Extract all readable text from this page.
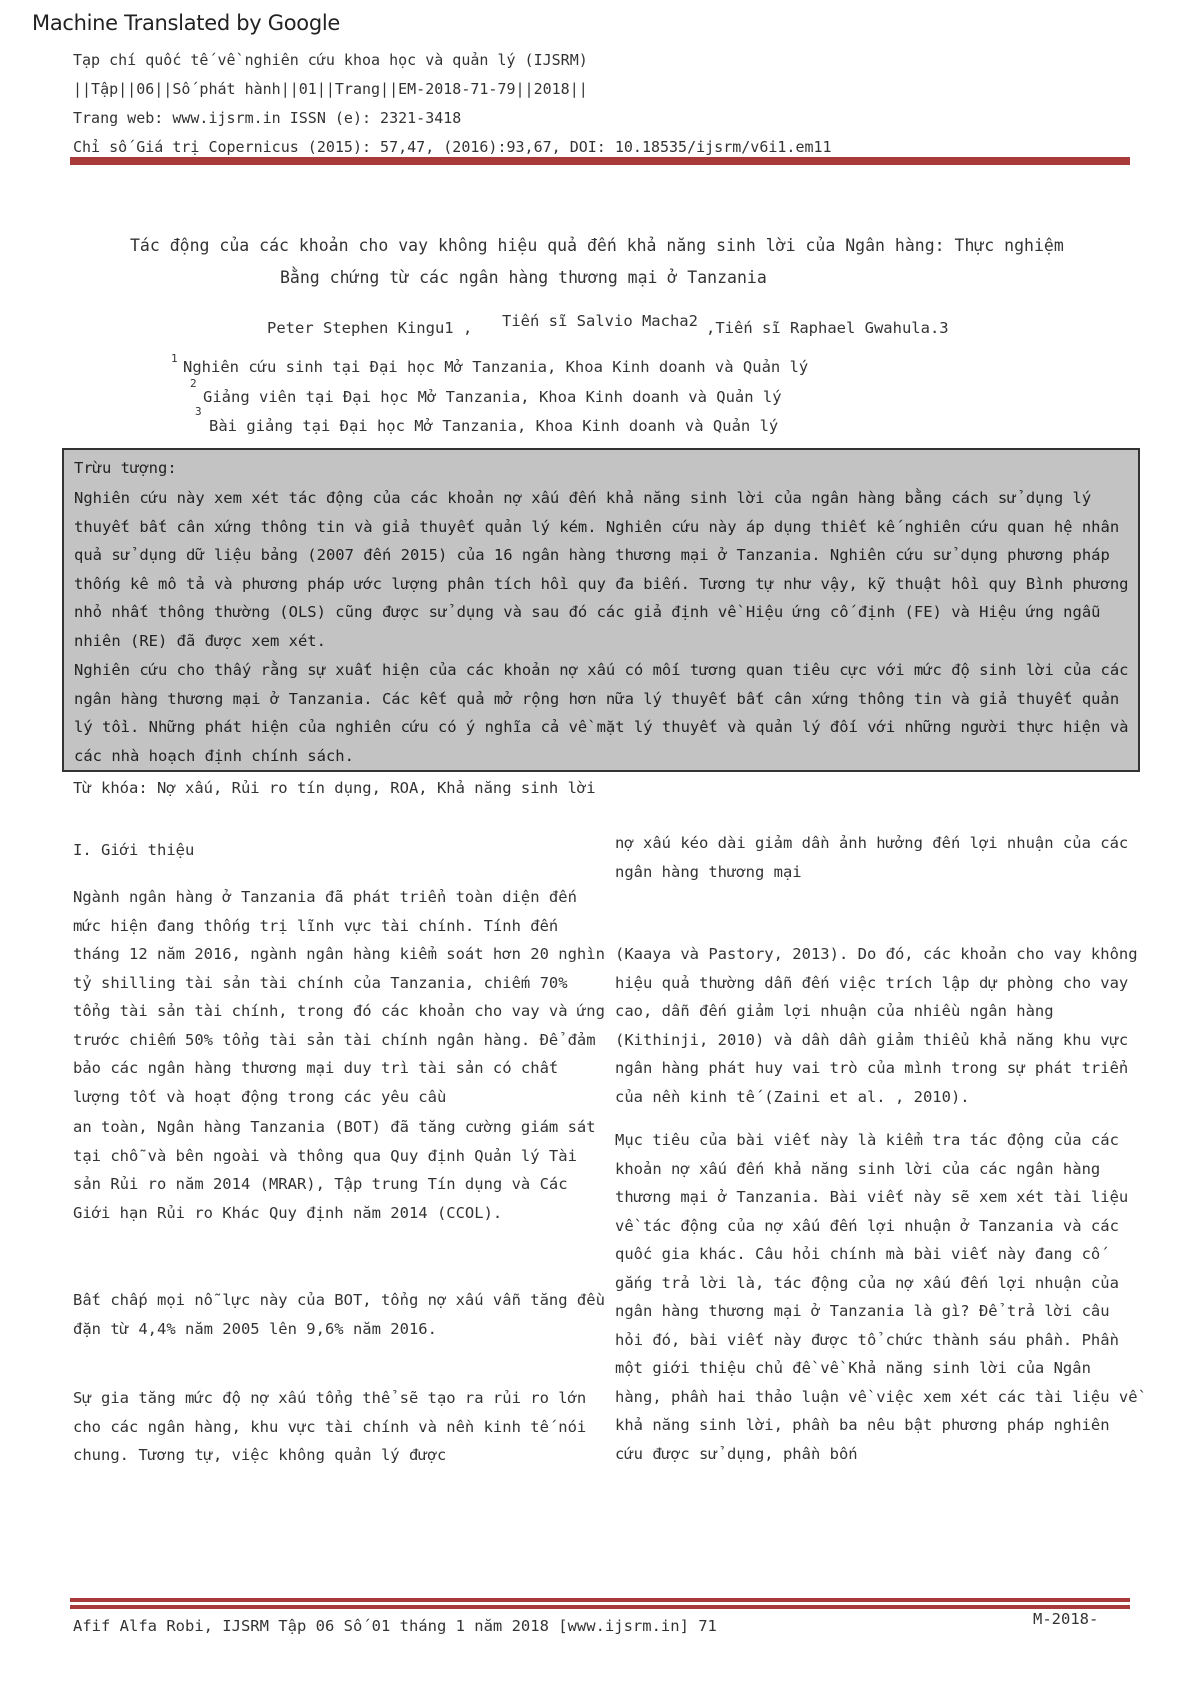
Machine Translated by Google
Tạp chí quốc tế về nghiên cứu khoa học và quản lý (IJSRM)
||Tập||06||Số phát hành||01||Trang||EM-2018-71-79||2018||
Trang web: www.ijsrm.in ISSN (e): 2321-3418
Chỉ số Giá trị Copernicus (2015): 57,47, (2016):93,67, DOI: 10.18535/ijsrm/v6i1.em11
Tác động của các khoản cho vay không hiệu quả đến khả năng sinh lời của Ngân hàng: Thực nghiệm
Bằng chứng từ các ngân hàng thương mại ở Tanzania
Peter Stephen Kingu1 , Tiến sĩ Salvio Macha2 ,Tiến sĩ Raphael Gwahula.3
1 Nghiên cứu sinh tại Đại học Mở Tanzania, Khoa Kinh doanh và Quản lý
2
Giảng viên tại Đại học Mở Tanzania, Khoa Kinh doanh và Quản lý
3
Bài giảng tại Đại học Mở Tanzania, Khoa Kinh doanh và Quản lý
Trừu tượng:
Nghiên cứu này xem xét tác động của các khoản nợ xấu đến khả năng sinh lời của ngân hàng bằng cách sử dụng lý thuyết bất cân xứng thông tin và giả thuyết quản lý kém. Nghiên cứu này áp dụng thiết kế nghiên cứu quan hệ nhân quả sử dụng dữ liệu bảng (2007 đến 2015) của 16 ngân hàng thương mại ở Tanzania. Nghiên cứu sử dụng phương pháp thống kê mô tả và phương pháp ước lượng phân tích hồi quy đa biến. Tương tự như vậy, kỹ thuật hồi quy Bình phương nhỏ nhất thông thường (OLS) cũng được sử dụng và sau đó các giả định về Hiệu ứng cố định (FE) và Hiệu ứng ngẫu nhiên (RE) đã được xem xét.
Nghiên cứu cho thấy rằng sự xuất hiện của các khoản nợ xấu có mối tương quan tiêu cực với mức độ sinh lời của các ngân hàng thương mại ở Tanzania. Các kết quả mở rộng hơn nữa lý thuyết bất cân xứng thông tin và giả thuyết quản lý tồi. Những phát hiện của nghiên cứu có ý nghĩa cả về mặt lý thuyết và quản lý đối với những người thực hiện và các nhà hoạch định chính sách.
Từ khóa: Nợ xấu, Rủi ro tín dụng, ROA, Khả năng sinh lời
I. Giới thiệu
Ngành ngân hàng ở Tanzania đã phát triển toàn diện đến mức hiện đang thống trị lĩnh vực tài chính. Tính đến tháng 12 năm 2016, ngành ngân hàng kiểm soát hơn 20 nghìn tỷ shilling tài sản tài chính của Tanzania, chiếm 70% tổng tài sản tài chính, trong đó các khoản cho vay và ứng trước chiếm 50% tổng tài sản tài chính ngân hàng. Để đảm bảo các ngân hàng thương mại duy trì tài sản có chất lượng tốt và hoạt động trong các yêu cầu
an toàn, Ngân hàng Tanzania (BOT) đã tăng cường giám sát tại chỗ và bên ngoài và thông qua Quy định Quản lý Tài sản Rủi ro năm 2014 (MRAR), Tập trung Tín dụng và Các Giới hạn Rủi ro Khác Quy định năm 2014 (CCOL).
Bất chấp mọi nỗ lực này của BOT, tổng nợ xấu vẫn tăng đều đặn từ 4,4% năm 2005 lên 9,6% năm 2016.
Sự gia tăng mức độ nợ xấu tổng thể sẽ tạo ra rủi ro lớn cho các ngân hàng, khu vực tài chính và nền kinh tế nói chung. Tương tự, việc không quản lý được
nợ xấu kéo dài giảm dần ảnh hưởng đến lợi nhuận của các ngân hàng thương mại
(Kaaya và Pastory, 2013). Do đó, các khoản cho vay không hiệu quả thường dẫn đến việc trích lập dự phòng cho vay cao, dẫn đến giảm lợi nhuận của nhiều ngân hàng (Kithinji, 2010) và dần dần giảm thiểu khả năng khu vực ngân hàng phát huy vai trò của mình trong sự phát triển của nền kinh tế (Zaini et al. , 2010).
Mục tiêu của bài viết này là kiểm tra tác động của các khoản nợ xấu đến khả năng sinh lời của các ngân hàng thương mại ở Tanzania. Bài viết này sẽ xem xét tài liệu về tác động của nợ xấu đến lợi nhuận ở Tanzania và các quốc gia khác. Câu hỏi chính mà bài viết này đang cố gắng trả lời là, tác động của nợ xấu đến lợi nhuận của ngân hàng thương mại ở Tanzania là gì? Để trả lời câu hỏi đó, bài viết này được tổ chức thành sáu phần. Phần một giới thiệu chủ đề về Khả năng sinh lời của Ngân hàng, phần hai thảo luận về việc xem xét các tài liệu về khả năng sinh lời, phần ba nêu bật phương pháp nghiên cứu được sử dụng, phần bốn
Afif Alfa Robi, IJSRM Tập 06 Số 01 tháng 1 năm 2018 [www.ijsrm.in] 71	M-2018-
